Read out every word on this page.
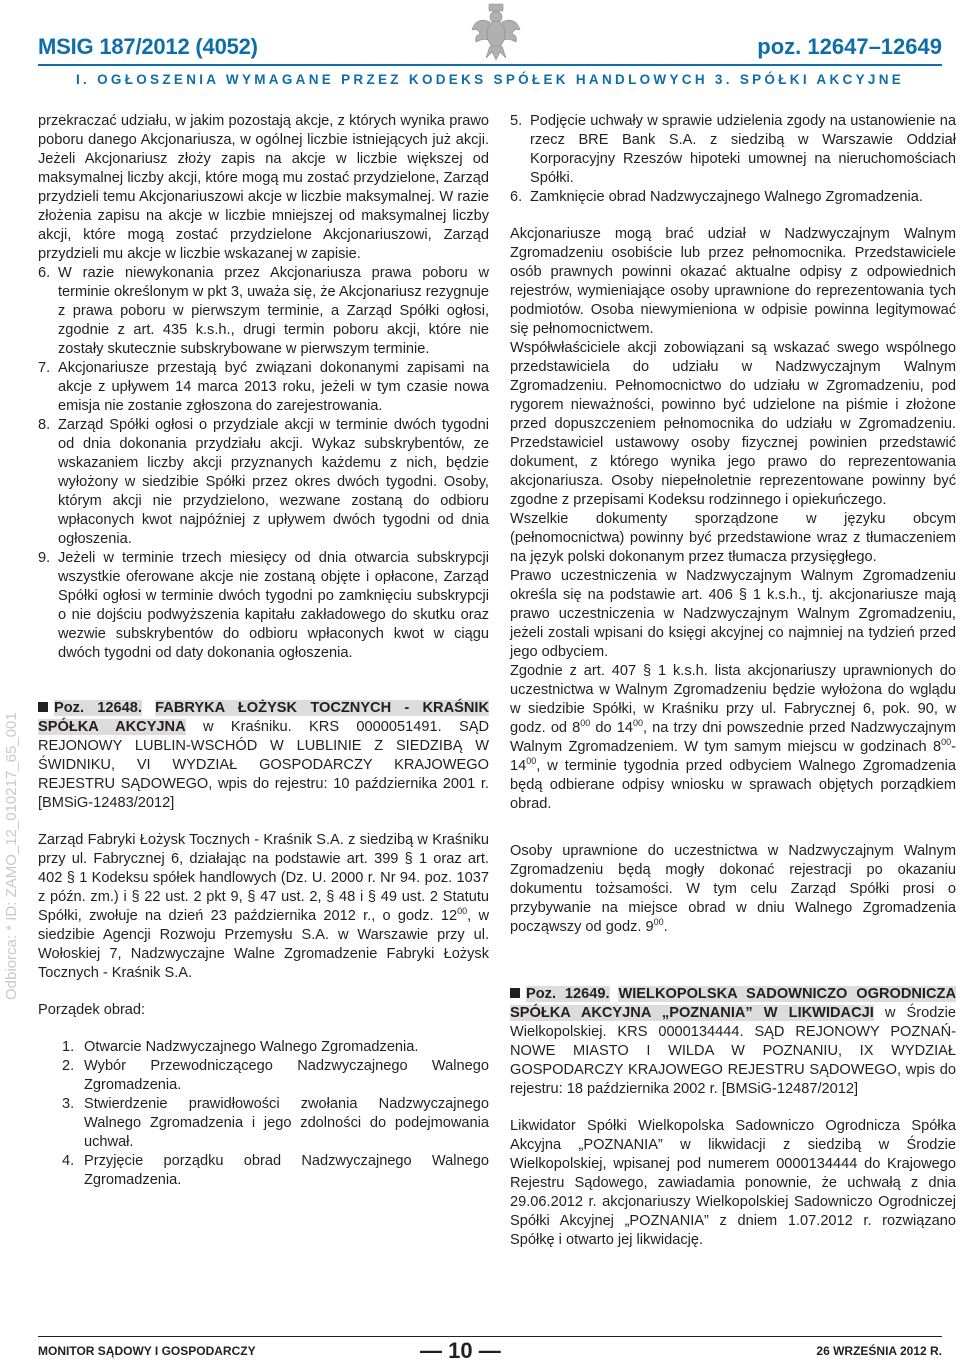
MSIG 187/2012 (4052)	poz. 12647–12649
I. OGŁOSZENIA WYMAGANE PRZEZ KODEKS SPÓŁEK HANDLOWYCH 3. SPÓŁKI AKCYJNE
Odbiorca: * ID: ZAMO_12_010217_65_001

przekraczać udziału, w jakim pozostają akcje, z których wynika prawo poboru danego Akcjonariusza, w ogólnej liczbie istniejących już akcji. Jeżeli Akcjonariusz złoży zapis na akcje w liczbie większej od maksymalnej liczby akcji, które mogą mu zostać przydzielone, Zarząd przydzieli temu Akcjonariuszowi akcje w liczbie maksymalnej. W razie złożenia zapisu na akcje w liczbie mniejszej od maksymalnej liczby akcji, które mogą zostać przydzielone Akcjonariuszowi, Zarząd przydzieli mu akcje w liczbie wskazanej w zapisie.

6. W razie niewykonania przez Akcjonariusza prawa poboru w terminie określonym w pkt 3, uważa się, że Akcjonariusz rezygnuje z prawa poboru w pierwszym terminie, a Zarząd Spółki ogłosi, zgodnie z art. 435 k.s.h., drugi termin poboru akcji, które nie zostały skutecznie subskrybowane w pierwszym terminie.
7. Akcjonariusze przestają być związani dokonanymi zapisami na akcje z upływem 14 marca 2013 roku, jeżeli w tym czasie nowa emisja nie zostanie zgłoszona do zarejestrowania.
8. Zarząd Spółki ogłosi o przydziale akcji w terminie dwóch tygodni od dnia dokonania przydziału akcji. Wykaz subskrybentów, ze wskazaniem liczby akcji przyznanych każdemu z nich, będzie wyłożony w siedzibie Spółki przez okres dwóch tygodni. Osoby, którym akcji nie przydzielono, wezwane zostaną do odbioru wpłaconych kwot najpóźniej z upływem dwóch tygodni od dnia ogłoszenia.
9. Jeżeli w terminie trzech miesięcy od dnia otwarcia subskrypcji wszystkie oferowane akcje nie zostaną objęte i opłacone, Zarząd Spółki ogłosi w terminie dwóch tygodni po zamknięciu subskrypcji o nie dojściu podwyższenia kapitału zakładowego do skutku oraz wezwie subskrybentów do odbioru wpłaconych kwot w ciągu dwóch tygodni od daty dokonania ogłoszenia.

Poz. 12648. FABRYKA ŁOŻYSK TOCZNYCH - KRAŚNIK SPÓŁKA AKCYJNA w Kraśniku. KRS 0000051491. SĄD REJONOWY LUBLIN-WSCHÓD W LUBLINIE Z SIEDZIBĄ W ŚWIDNIKU, VI WYDZIAŁ GOSPODARCZY KRAJOWEGO REJESTRU SĄDOWEGO, wpis do rejestru: 10 października 2001 r. [BMSiG-12483/2012]

Zarząd Fabryki Łożysk Tocznych - Kraśnik S.A. z siedzibą w Kraśniku przy ul. Fabrycznej 6, działając na podstawie art. 399 § 1 oraz art. 402 § 1 Kodeksu spółek handlowych (Dz. U. 2000 r. Nr 94. poz. 1037 z późn. zm.) i § 22 ust. 2 pkt 9, § 47 ust. 2, § 48 i § 49 ust. 2 Statutu Spółki, zwołuje na dzień 23 października 2012 r., o godz. $12^{00}$, w siedzibie Agencji Rozwoju Przemysłu S.A. w Warszawie przy ul. Wołoskiej 7, Nadzwyczajne Walne Zgromadzenie Fabryki Łożysk Tocznych - Kraśnik S.A.

Porządek obrad:

1. Otwarcie Nadzwyczajnego Walnego Zgromadzenia.
2. Wybór Przewodniczącego Nadzwyczajnego Walnego Zgromadzenia.
3. Stwierdzenie prawidłowości zwołania Nadzwyczajnego Walnego Zgromadzenia i jego zdolności do podejmowania uchwał.
4. Przyjęcie porządku obrad Nadzwyczajnego Walnego Zgromadzenia.
5. Podjęcie uchwały w sprawie udzielenia zgody na ustanowienie na rzecz BRE Bank S.A. z siedzibą w Warszawie Oddział Korporacyjny Rzeszów hipoteki umownej na nieruchomościach Spółki.
6. Zamknięcie obrad Nadzwyczajnego Walnego Zgromadzenia.

Akcjonariusze mogą brać udział w Nadzwyczajnym Walnym Zgromadzeniu osobiście lub przez pełnomocnika. Przedstawiciele osób prawnych powinni okazać aktualne odpisy z odpowiednich rejestrów, wymieniające osoby uprawnione do reprezentowania tych podmiotów. Osoba niewymieniona w odpisie powinna legitymować się pełnomocnictwem.

Współwłaściciele akcji zobowiązani są wskazać swego wspólnego przedstawiciela do udziału w Nadzwyczajnym Walnym Zgromadzeniu. Pełnomocnictwo do udziału w Zgromadzeniu, pod rygorem nieważności, powinno być udzielone na piśmie i złożone przed dopuszczeniem pełnomocnika do udziału w Zgromadzeniu. Przedstawiciel ustawowy osoby fizycznej powinien przedstawić dokument, z którego wynika jego prawo do reprezentowania akcjonariusza. Osoby niepełnoletnie reprezentowane powinny być zgodne z przepisami Kodeksu rodzinnego i opiekuńczego.

Wszelkie dokumenty sporządzone w języku obcym (pełnomocnictwa) powinny być przedstawione wraz z tłumaczeniem na język polski dokonanym przez tłumacza przysięgłego.

Prawo uczestniczenia w Nadzwyczajnym Walnym Zgromadzeniu określa się na podstawie art. 406 § 1 k.s.h., tj. akcjonariusze mają prawo uczestniczenia w Nadzwyczajnym Walnym Zgromadzeniu, jeżeli zostali wpisani do księgi akcyjnej co najmniej na tydzień przed jego odbyciem.

Zgodnie z art. 407 § 1 k.s.h. lista akcjonariuszy uprawnionych do uczestnictwa w Walnym Zgromadzeniu będzie wyłożona do wglądu w siedzibie Spółki, w Kraśniku przy ul. Fabrycznej 6, pok. 90, w godz. od $8^{00}$ do $14^{00}$, na trzy dni powszednie przed Nadzwyczajnym Walnym Zgromadzeniem. W tym samym miejscu w godzinach $8^{00}-14^{00}$, w terminie tygodnia przed odbyciem Walnego Zgromadzenia będą odbierane odpisy wniosku w sprawach objętych porządkiem obrad.

Osoby uprawnione do uczestnictwa w Nadzwyczajnym Walnym Zgromadzeniu będą mogły dokonać rejestracji po okazaniu dokumentu tożsamości. W tym celu Zarząd Spółki prosi o przybywanie na miejsce obrad w dniu Walnego Zgromadzenia począwszy od godz. $9^{00}$.

Poz. 12649. WIELKOPOLSKA SADOWNICZO OGRODNICZA SPÓŁKA AKCYJNA „POZNANIA” W LIKWIDACJI w Środzie Wielkopolskiej. KRS 0000134444. SĄD REJONOWY POZNAŃ-NOWE MIASTO I WILDA W POZNANIU, IX WYDZIAŁ GOSPODARCZY KRAJOWEGO REJESTRU SĄDOWEGO, wpis do rejestru: 18 października 2002 r. [BMSiG-12487/2012]

Likwidator Spółki Wielkopolska Sadowniczo Ogrodnicza Spółka Akcyjna „POZNANIA” w likwidacji z siedzibą w Środzie Wielkopolskiej, wpisanej pod numerem 0000134444 do Krajowego Rejestru Sądowego, zawiadamia ponownie, że uchwałą z dnia 29.06.2012 r. akcjonariuszy Wielkopolskiej Sadowniczo Ogrodniczej Spółki Akcyjnej „POZNANIA” z dniem 1.07.2012 r. rozwiązano Spółkę i otwarto jej likwidację.

MONITOR SĄDOWY I GOSPODARCZY	— 10 —	26 WRZEŚNIA 2012 R.
